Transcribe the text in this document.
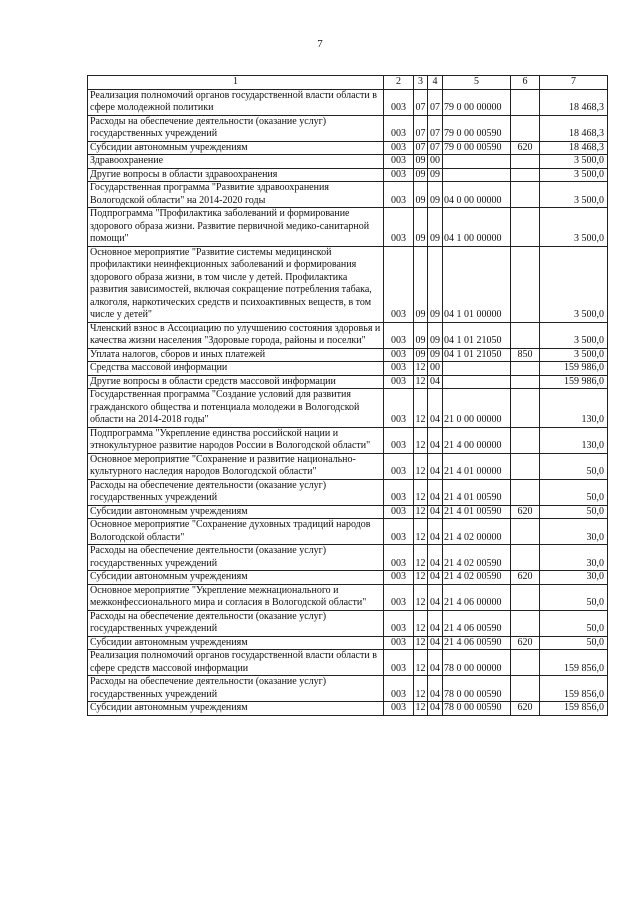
7
1	2	3	4	5	6	7
Реализация полномочий органов государственной власти области в сфере молодежной политики	003	07	07	79 0 00 00000		18 468,3
Расходы на обеспечение деятельности (оказание услуг) государственных учреждений	003	07	07	79 0 00 00590		18 468,3
Субсидии автономным учреждениям	003	07	07	79 0 00 00590	620	18 468,3
Здравоохранение	003	09	00			3 500,0
Другие вопросы в области здравоохранения	003	09	09			3 500,0
Государственная программа "Развитие здравоохранения Вологодской области" на 2014-2020 годы	003	09	09	04 0 00 00000		3 500,0
Подпрограмма "Профилактика заболеваний и формирование здорового образа жизни. Развитие первичной медико-санитарной помощи"	003	09	09	04 1 00 00000		3 500,0
Основное мероприятие "Развитие системы медицинской профилактики неинфекционных заболеваний и формирования здорового образа жизни, в том числе у детей. Профилактика развития зависимостей, включая сокращение потребления табака, алкоголя, наркотических средств и психоактивных веществ, в том числе у детей"	003	09	09	04 1 01 00000		3 500,0
Членский взнос в Ассоциацию по улучшению состояния здоровья и качества жизни населения "Здоровые города, районы и поселки"	003	09	09	04 1 01 21050		3 500,0
Уплата налогов, сборов и иных платежей	003	09	09	04 1 01 21050	850	3 500,0
Средства массовой информации	003	12	00			159 986,0
Другие вопросы в области средств массовой информации	003	12	04			159 986,0
Государственная программа "Создание условий для развития гражданского общества и потенциала молодежи в Вологодской области на 2014-2018 годы"	003	12	04	21 0 00 00000		130,0
Подпрограмма "Укрепление единства российской нации и этнокультурное развитие народов России в Вологодской области"	003	12	04	21 4 00 00000		130,0
Основное мероприятие "Сохранение и развитие национально-культурного наследия народов Вологодской области"	003	12	04	21 4 01 00000		50,0
Расходы на обеспечение деятельности (оказание услуг) государственных учреждений	003	12	04	21 4 01 00590		50,0
Субсидии автономным учреждениям	003	12	04	21 4 01 00590	620	50,0
Основное мероприятие "Сохранение духовных традиций народов Вологодской области"	003	12	04	21 4 02 00000		30,0
Расходы на обеспечение деятельности (оказание услуг) государственных учреждений	003	12	04	21 4 02 00590		30,0
Субсидии автономным учреждениям	003	12	04	21 4 02 00590	620	30,0
Основное мероприятие "Укрепление межнационального и межконфессионального мира и согласия в Вологодской области"	003	12	04	21 4 06 00000		50,0
Расходы на обеспечение деятельности (оказание услуг) государственных учреждений	003	12	04	21 4 06 00590		50,0
Субсидии автономным учреждениям	003	12	04	21 4 06 00590	620	50,0
Реализация полномочий органов государственной власти области в сфере средств массовой информации	003	12	04	78 0 00 00000		159 856,0
Расходы на обеспечение деятельности (оказание услуг) государственных учреждений	003	12	04	78 0 00 00590		159 856,0
Субсидии автономным учреждениям	003	12	04	78 0 00 00590	620	159 856,0
